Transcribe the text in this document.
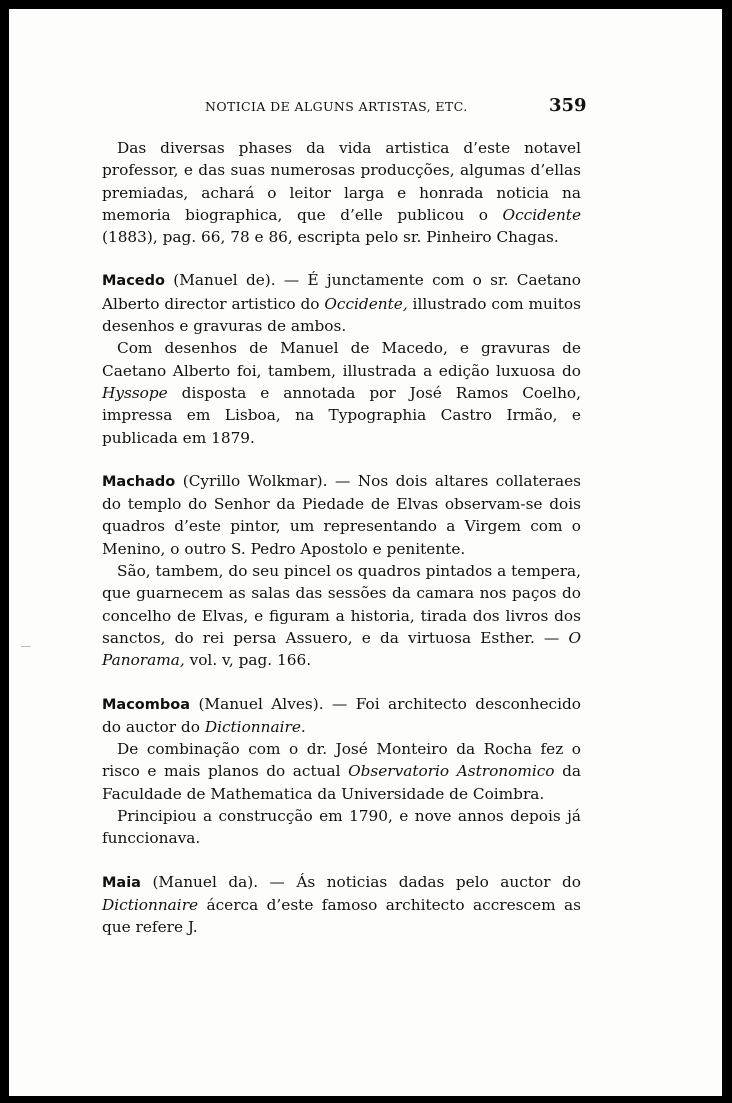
NOTICIA DE ALGUNS ARTISTAS, ETC.	359

Das diversas phases da vida artistica d’este notavel professor, e das suas numerosas producções, algumas d’ellas premiadas, achará o leitor larga e honrada noticia na memoria biographica, que d’elle publicou o Occidente (1883), pag. 66, 78 e 86, escripta pelo sr. Pinheiro Chagas.

Macedo (Manuel de). — É junctamente com o sr. Caetano Alberto director artistico do Occidente, illustrado com muitos desenhos e gravuras de ambos.

Com desenhos de Manuel de Macedo, e gravuras de Caetano Alberto foi, tambem, illustrada a edição luxuosa do Hyssope disposta e annotada por José Ramos Coelho, impressa em Lisboa, na Typographia Castro Irmão, e publicada em 1879.

Machado (Cyrillo Wolkmar). — Nos dois altares collateraes do templo do Senhor da Piedade de Elvas observam-se dois quadros d’este pintor, um representando a Virgem com o Menino, o outro S. Pedro Apostolo e penitente.

São, tambem, do seu pincel os quadros pintados a tempera, que guarnecem as salas das sessões da camara nos paços do concelho de Elvas, e figuram a historia, tirada dos livros dos sanctos, do rei persa Assuero, e da virtuosa Esther. — O Panorama, vol. v, pag. 166.

Macomboa (Manuel Alves). — Foi architecto desconhecido do auctor do Dictionnaire.

De combinação com o dr. José Monteiro da Rocha fez o risco e mais planos do actual Observatorio Astronomico da Faculdade de Mathematica da Universidade de Coimbra.

Principiou a construcção em 1790, e nove annos depois já funccionava.

Maia (Manuel da). — Ás noticias dadas pelo auctor do Dictionnaire ácerca d’este famoso architecto accrescem as que refere J.
